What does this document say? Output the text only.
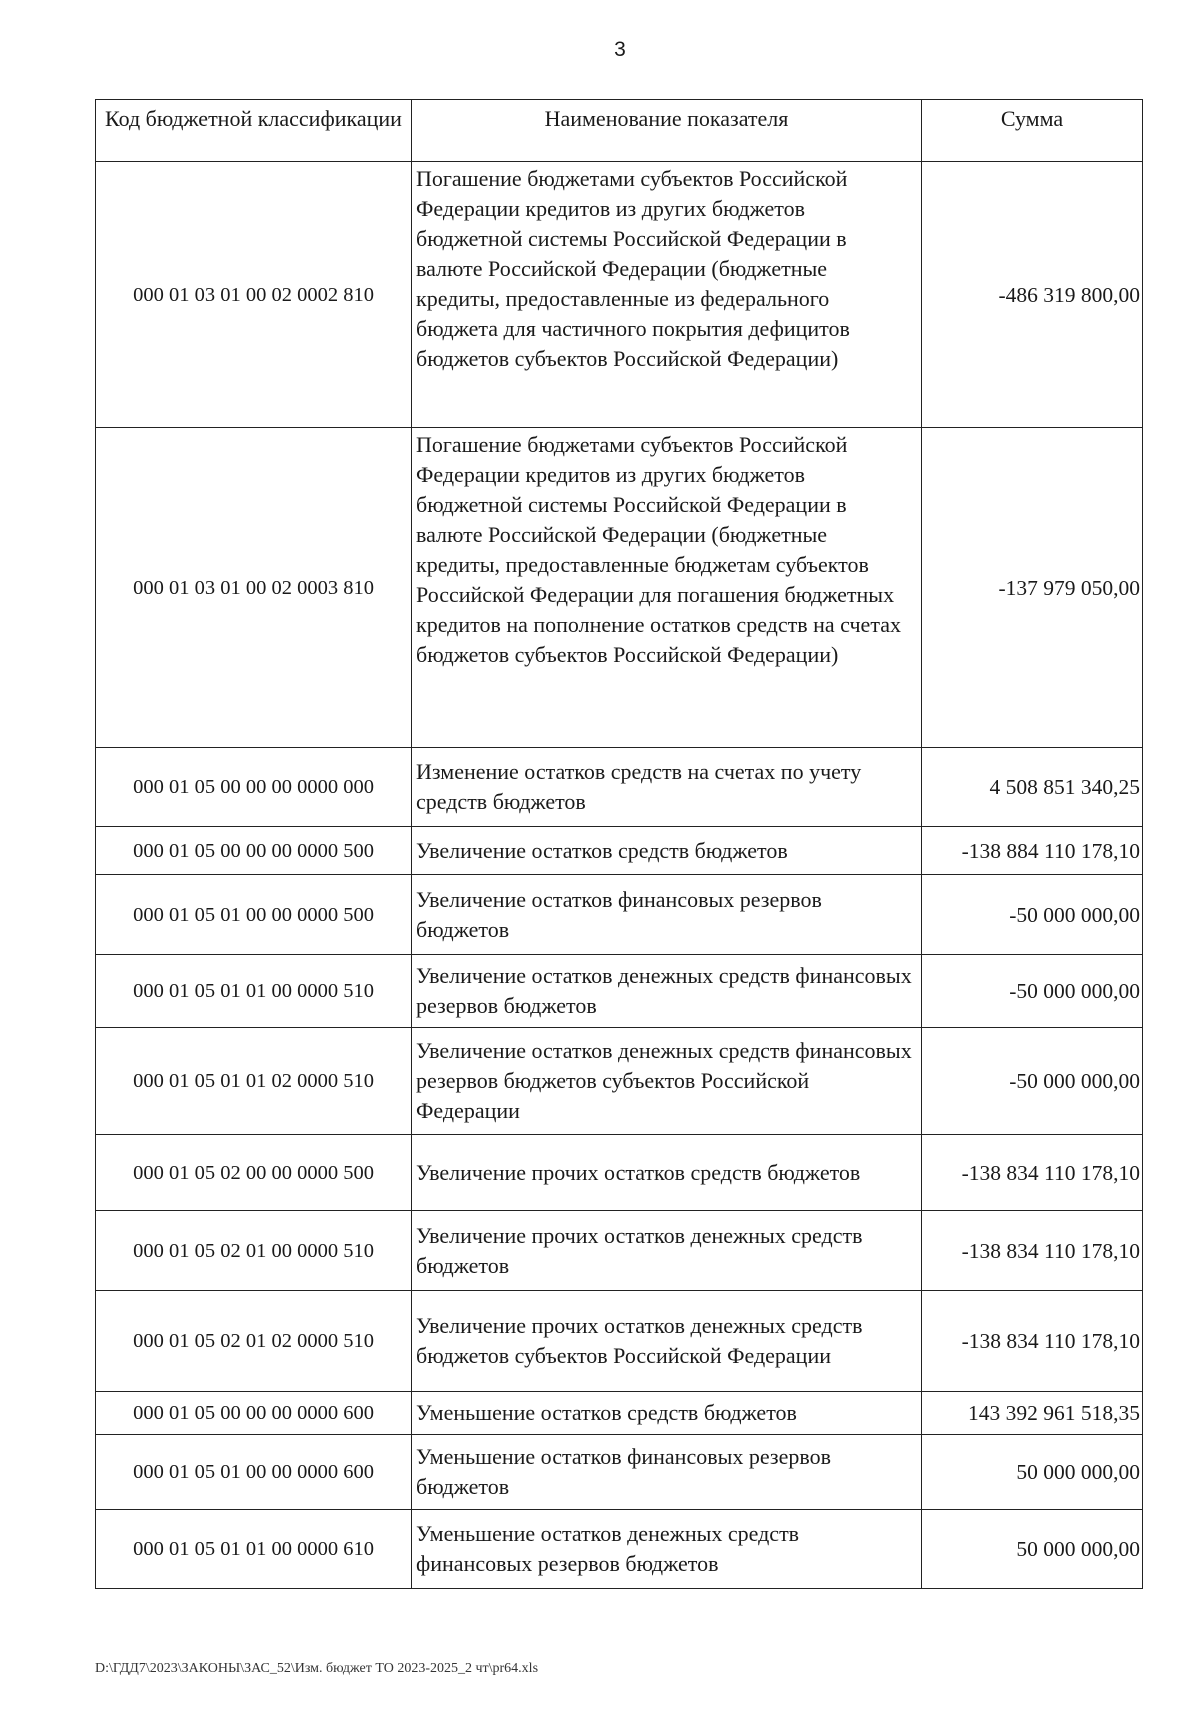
3
Код бюджетной классификации	Наименование показателя	Сумма
000 01 03 01 00 02 0002 810	Погашение бюджетами субъектов Российской Федерации кредитов из других бюджетов бюджетной системы Российской Федерации в валюте Российской Федерации (бюджетные кредиты, предоставленные из федерального бюджета для частичного покрытия дефицитов бюджетов субъектов Российской Федерации)	-486 319 800,00
000 01 03 01 00 02 0003 810	Погашение бюджетами субъектов Российской Федерации кредитов из других бюджетов бюджетной системы Российской Федерации в валюте Российской Федерации (бюджетные кредиты, предоставленные бюджетам субъектов Российской Федерации для погашения бюджетных кредитов на пополнение остатков средств на счетах бюджетов субъектов Российской Федерации)	-137 979 050,00
000 01 05 00 00 00 0000 000	Изменение остатков средств на счетах по учету средств бюджетов	4 508 851 340,25
000 01 05 00 00 00 0000 500	Увеличение остатков средств бюджетов	-138 884 110 178,10
000 01 05 01 00 00 0000 500	Увеличение остатков финансовых резервов бюджетов	-50 000 000,00
000 01 05 01 01 00 0000 510	Увеличение остатков денежных средств финансовых резервов бюджетов	-50 000 000,00
000 01 05 01 01 02 0000 510	Увеличение остатков денежных средств финансовых резервов бюджетов субъектов Российской Федерации	-50 000 000,00
000 01 05 02 00 00 0000 500	Увеличение прочих остатков средств бюджетов	-138 834 110 178,10
000 01 05 02 01 00 0000 510	Увеличение прочих остатков денежных средств бюджетов	-138 834 110 178,10
000 01 05 02 01 02 0000 510	Увеличение прочих остатков денежных средств бюджетов субъектов Российской Федерации	-138 834 110 178,10
000 01 05 00 00 00 0000 600	Уменьшение остатков средств бюджетов	143 392 961 518,35
000 01 05 01 00 00 0000 600	Уменьшение остатков финансовых резервов бюджетов	50 000 000,00
000 01 05 01 01 00 0000 610	Уменьшение остатков денежных средств финансовых резервов бюджетов	50 000 000,00
D:\ГДД7\2023\ЗАКОНЫ\ЗАС_52\Изм. бюджет ТО 2023-2025_2 чт\pr64.xls
